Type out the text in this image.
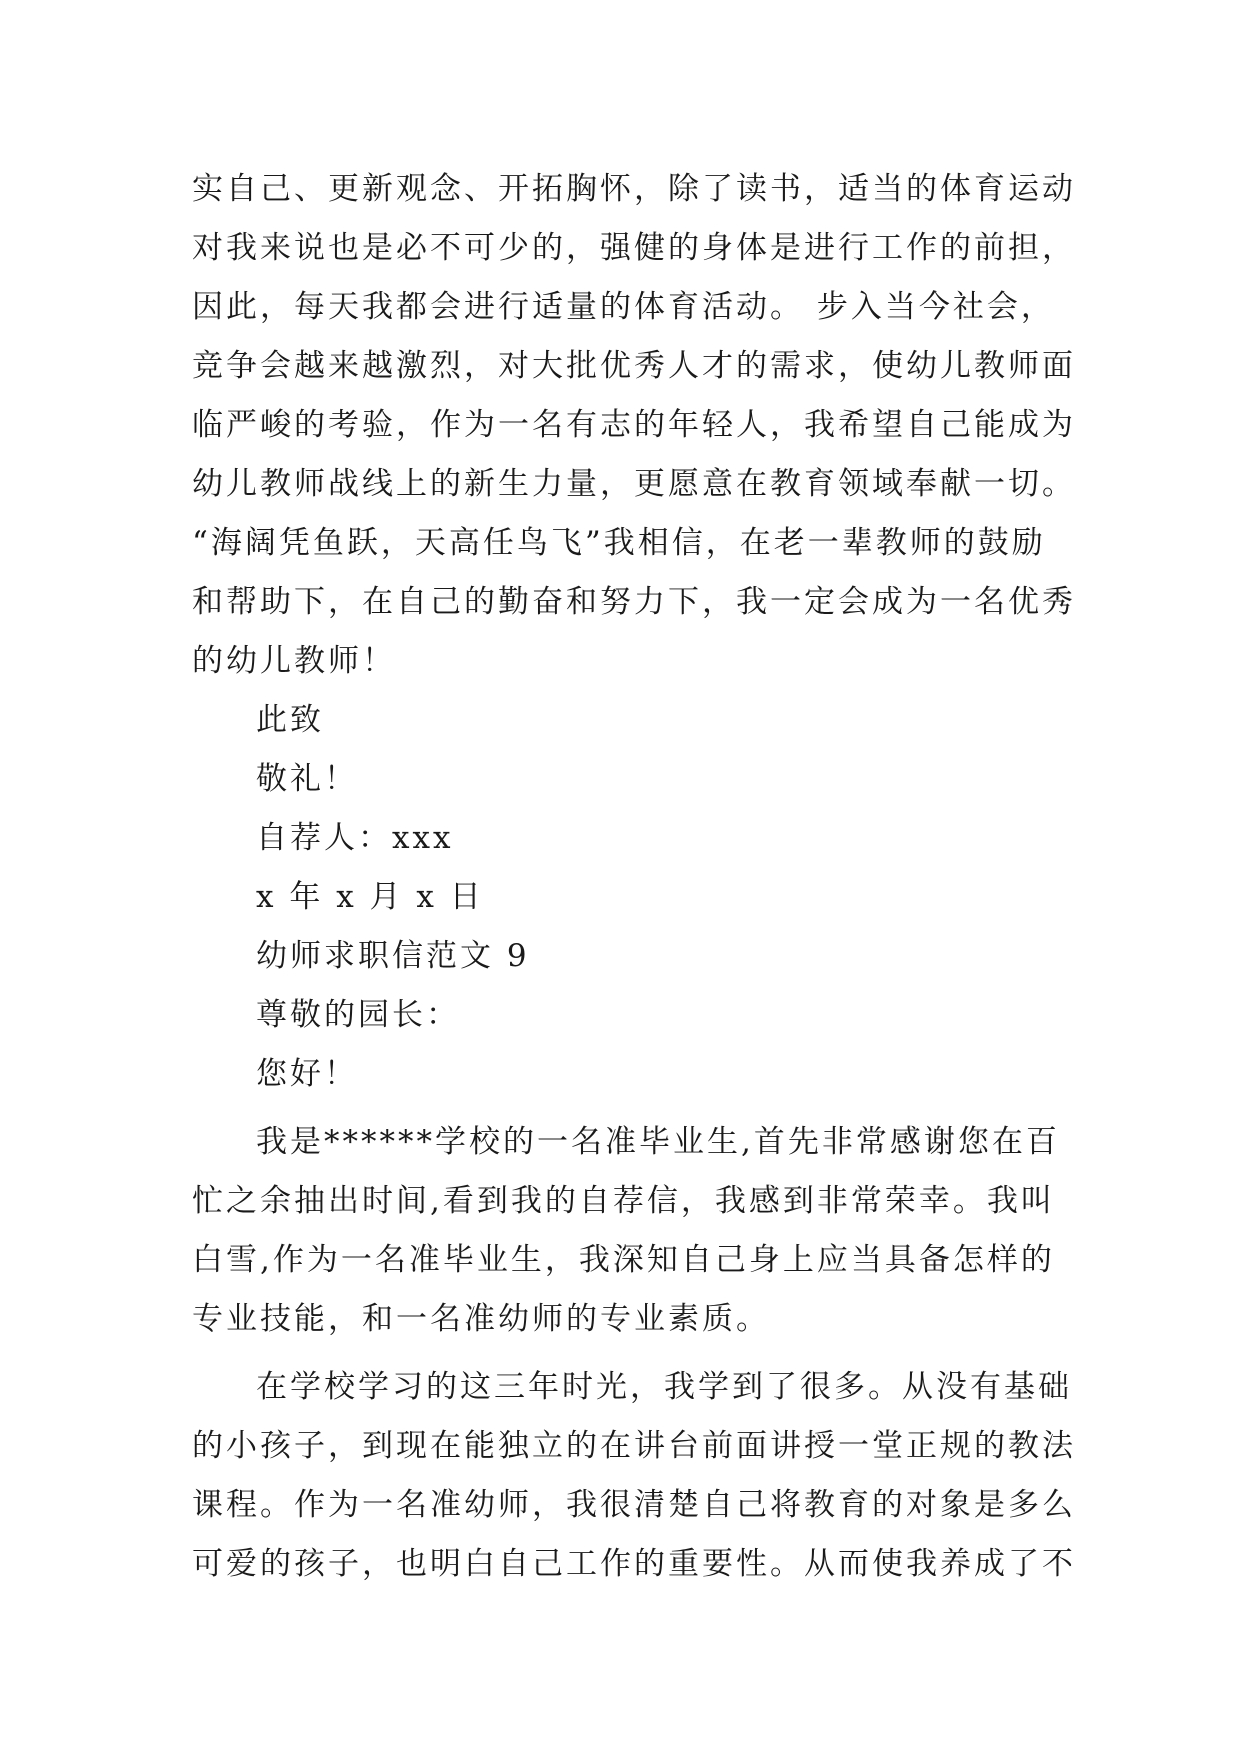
实自己、更新观念、开拓胸怀，除了读书，适当的体育运动
对我来说也是必不可少的，强健的身体是进行工作的前担，
因此，每天我都会进行适量的体育活动。 步入当今社会，
竞争会越来越激烈，对大批优秀人才的需求，使幼儿教师面
临严峻的考验，作为一名有志的年轻人，我希望自己能成为
幼儿教师战线上的新生力量，更愿意在教育领域奉献一切。
“海阔凭鱼跃，天高任鸟飞”我相信，在老一辈教师的鼓励
和帮助下，在自己的勤奋和努力下，我一定会成为一名优秀
的幼儿教师！
此致
敬礼！
自荐人：xxx
x 年 x 月 x 日
幼师求职信范文 9
尊敬的园长：
您好！
我是******学校的一名准毕业生,首先非常感谢您在百
忙之余抽出时间,看到我的自荐信，我感到非常荣幸。我叫
白雪,作为一名准毕业生，我深知自己身上应当具备怎样的
专业技能，和一名准幼师的专业素质。
在学校学习的这三年时光，我学到了很多。从没有基础
的小孩子，到现在能独立的在讲台前面讲授一堂正规的教法
课程。作为一名准幼师，我很清楚自己将教育的对象是多么
可爱的孩子，也明白自己工作的重要性。从而使我养成了不
